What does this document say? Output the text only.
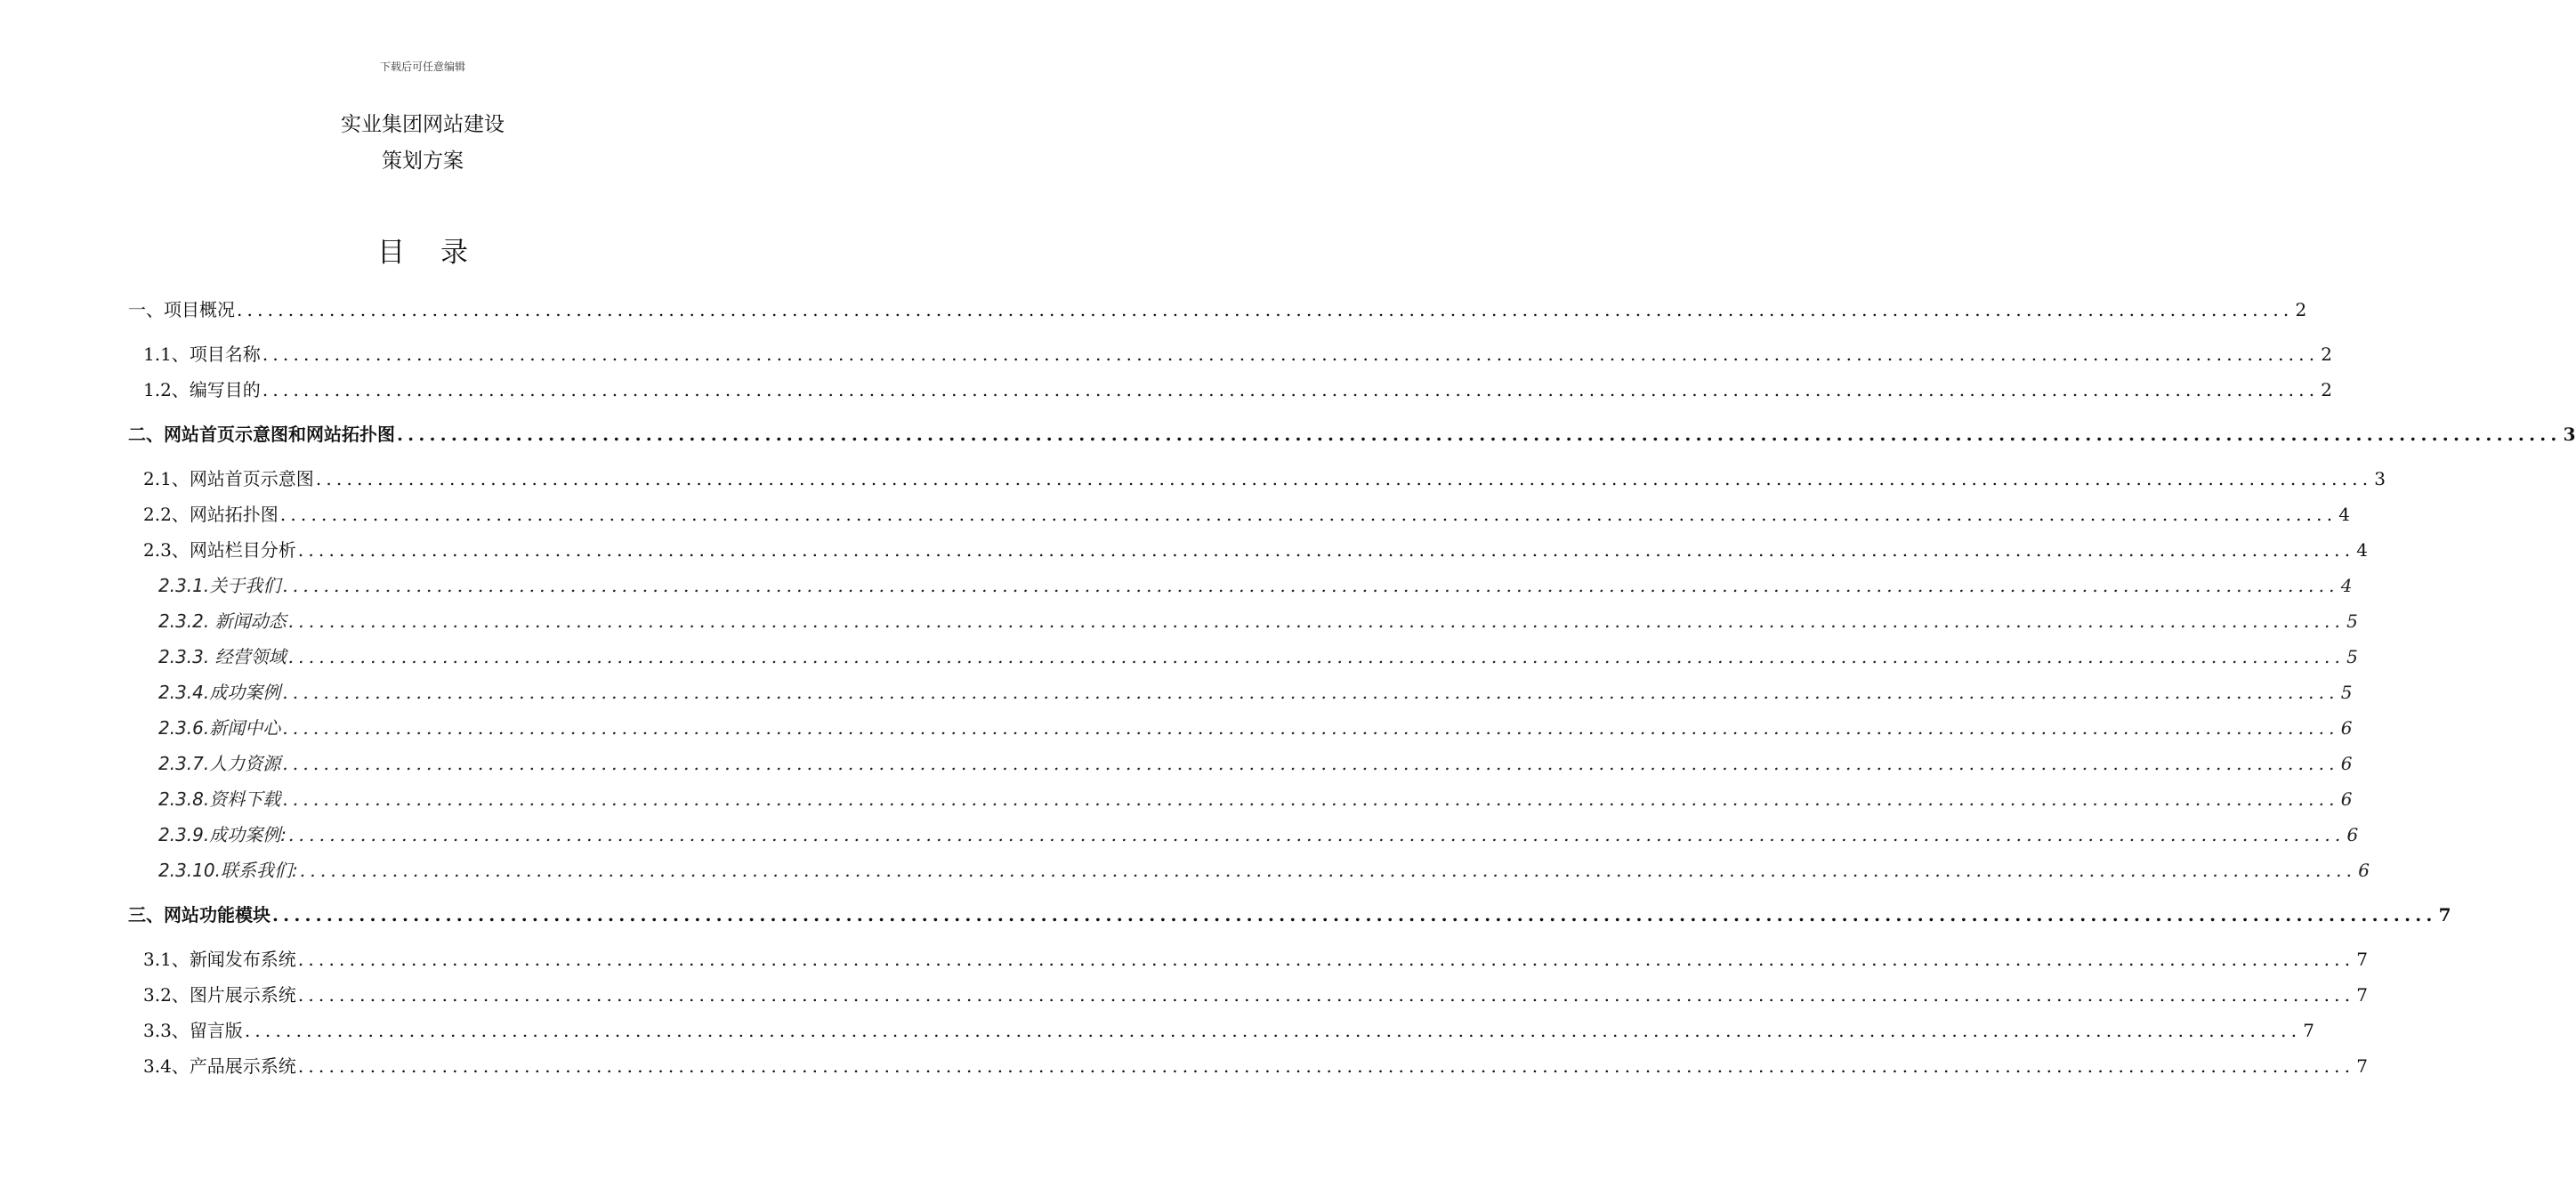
下载后可任意编辑
实业集团网站建设
策划方案
目录
一、 项目概况 ........................................................................................................................................................................................................ 2
1.1、 项目名称 ........................................................................................................................................................................................................ 2
1.2、 编写目的 ........................................................................................................................................................................................................ 2
二、 网站首页示意图和网站拓扑图 ........................................................................................................................................................................................................ 3
2.1、 网站首页示意图 ........................................................................................................................................................................................................ 3
2.2、 网站拓扑图 ........................................................................................................................................................................................................ 4
2.3、 网站栏目分析 ........................................................................................................................................................................................................ 4
2.3.1.关于我们 ........................................................................................................................................................................................................ 4
2.3.2. 新闻动态 ........................................................................................................................................................................................................ 5
2.3.3. 经营领域 ........................................................................................................................................................................................................ 5
2.3.4.成功案例 ........................................................................................................................................................................................................ 5
2.3.6.新闻中心 ........................................................................................................................................................................................................ 6
2.3.7.人力资源 ........................................................................................................................................................................................................ 6
2.3.8.资料下载 ........................................................................................................................................................................................................ 6
2.3.9.成功案例: ........................................................................................................................................................................................................ 6
2.3.10.联系我们: ........................................................................................................................................................................................................ 6
三、 网站功能模块 ........................................................................................................................................................................................................ 7
3.1、 新闻发布系统 ........................................................................................................................................................................................................ 7
3.2、 图片展示系统 ........................................................................................................................................................................................................ 7
3.3、 留言版 ........................................................................................................................................................................................................ 7
3.4、 产品展示系统 ........................................................................................................................................................................................................ 7
